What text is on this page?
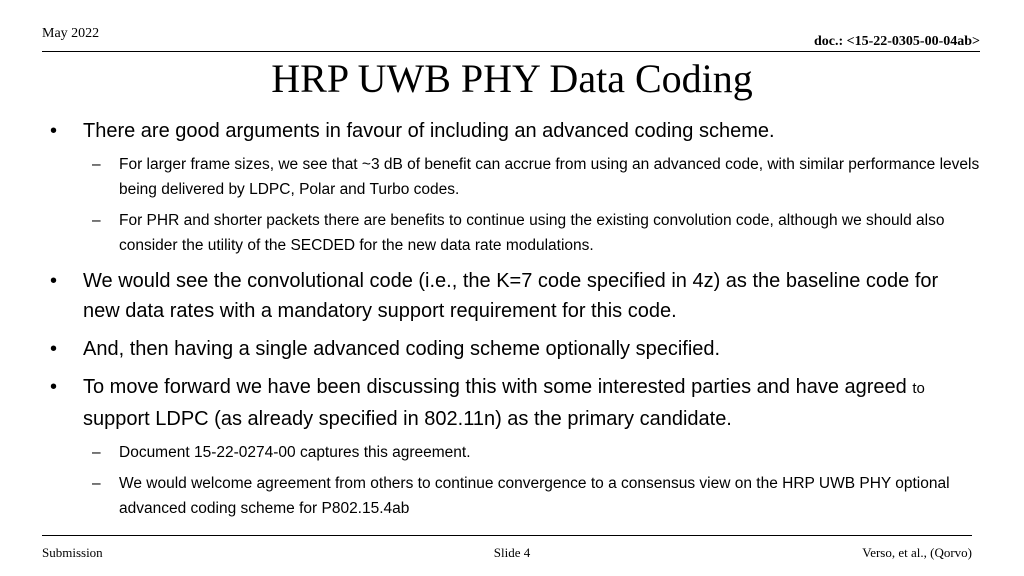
May 2022
doc.: <15-22-0305-00-04ab>
HRP UWB PHY Data Coding
•	There are good arguments in favour of including an advanced coding scheme.
– For larger frame sizes, we see that ~3 dB of benefit can accrue from using an advanced code, with similar performance levels being delivered by LDPC, Polar and Turbo codes.
– For PHR and shorter packets there are benefits to continue using the existing convolution code, although we should also consider the utility of the SECDED for the new data rate modulations.
•	We would see the convolutional code (i.e., the K=7 code specified in 4z) as the baseline code for new data rates with a mandatory support requirement for this code.
•	And, then having a single advanced coding scheme optionally specified.
•	To move forward we have been discussing this with some interested parties and have agreed to support LDPC (as already specified in 802.11n) as the primary candidate.
– Document 15-22-0274-00 captures this agreement.
– We would welcome agreement from others to continue convergence to a consensus view on the HRP UWB PHY optional advanced coding scheme for P802.15.4ab
Submission	Slide 4	Verso, et al., (Qorvo)
